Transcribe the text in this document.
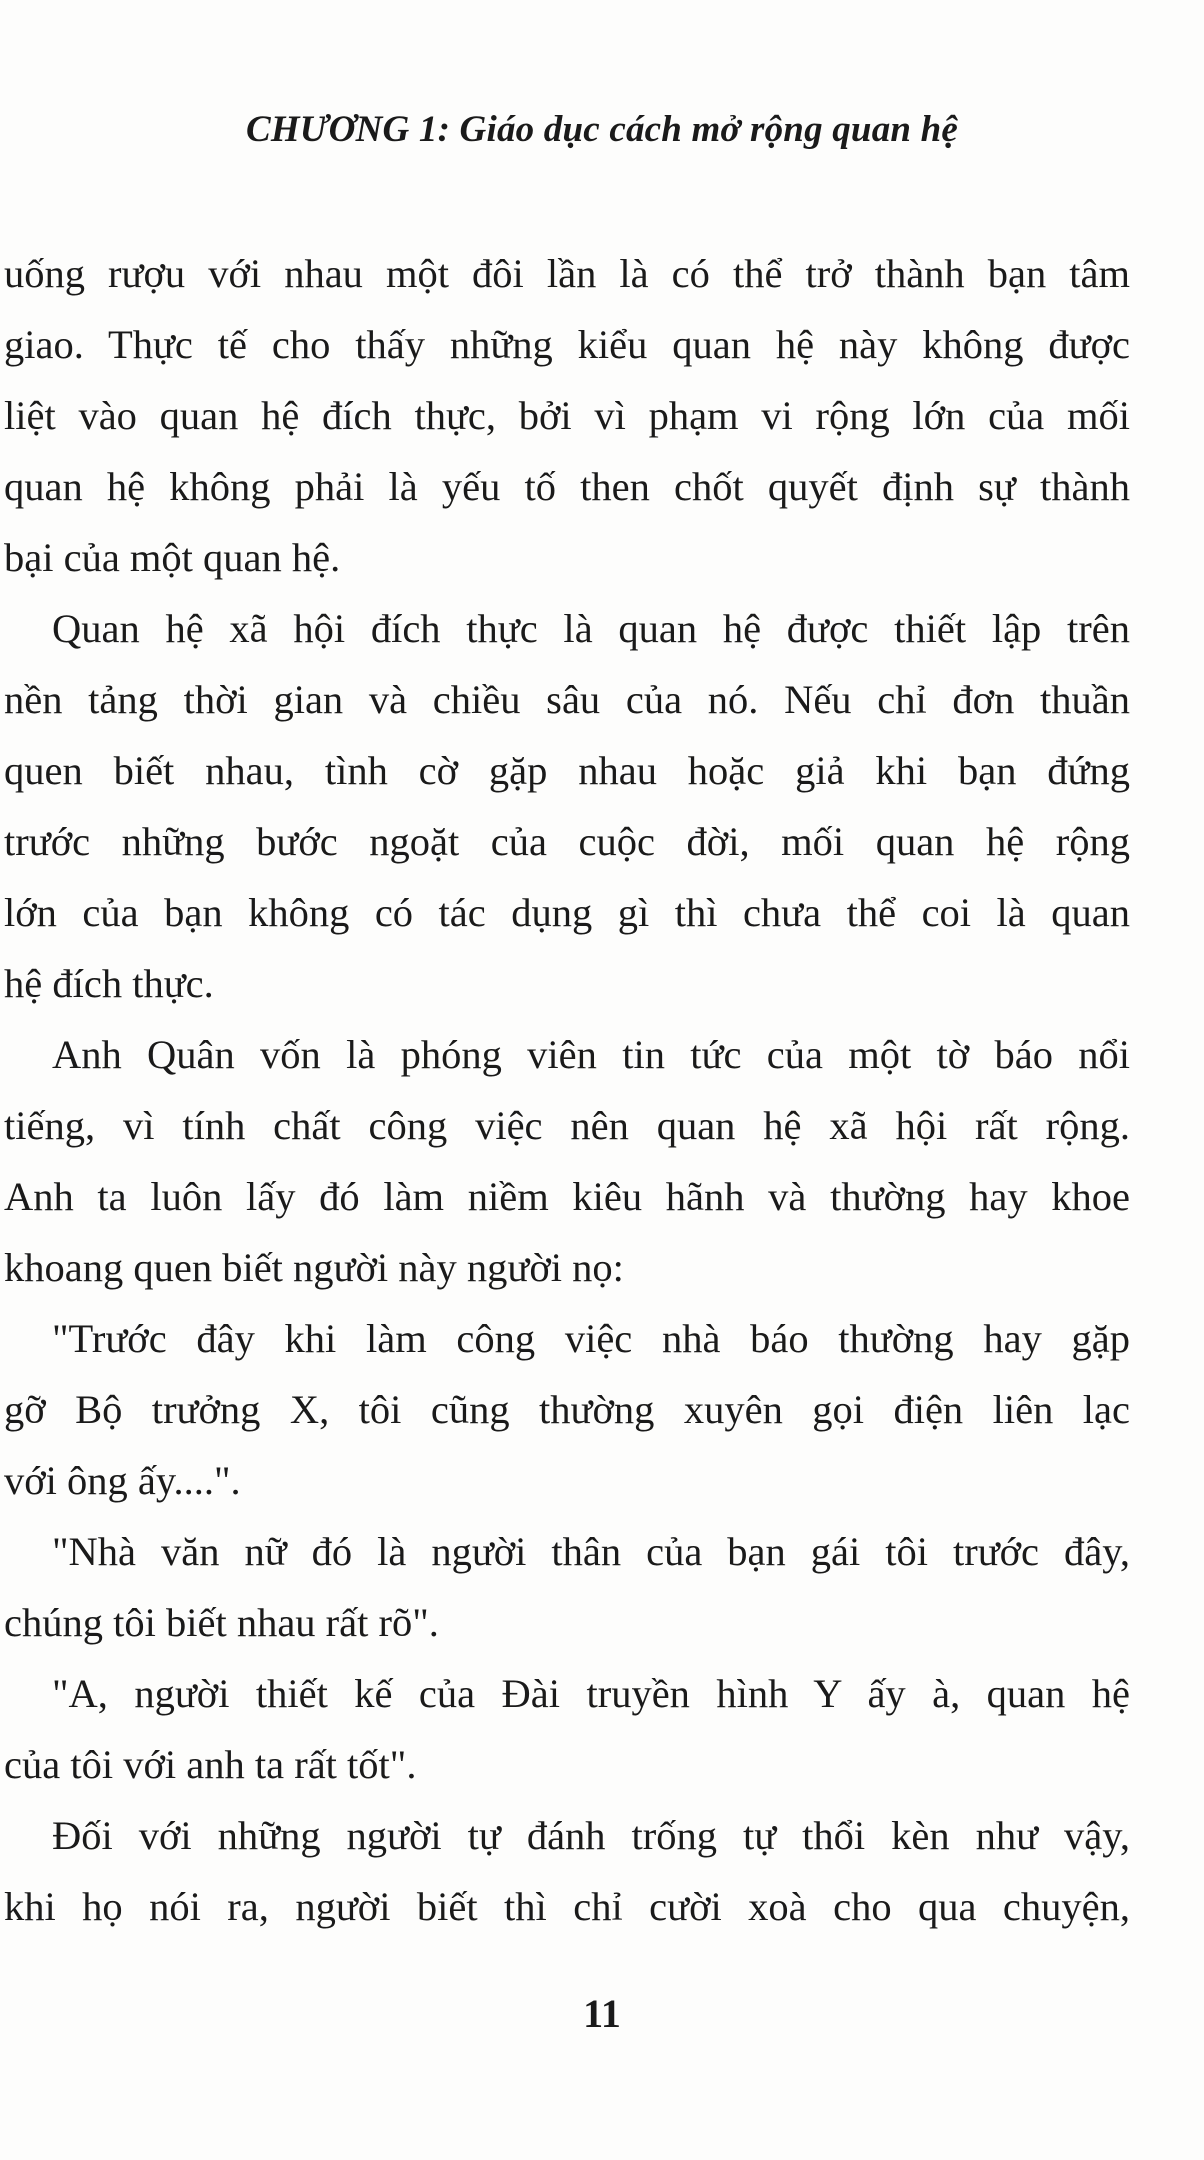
CHƯƠNG 1: Giáo dục cách mở rộng quan hệ
uống rượu với nhau một đôi lần là có thể trở thành bạn tâm
giao. Thực tế cho thấy những kiểu quan hệ này không được
liệt vào quan hệ đích thực, bởi vì phạm vi rộng lớn của mối
quan hệ không phải là yếu tố then chốt quyết định sự thành
bại của một quan hệ.
Quan hệ xã hội đích thực là quan hệ được thiết lập trên
nền tảng thời gian và chiều sâu của nó. Nếu chỉ đơn thuần
quen biết nhau, tình cờ gặp nhau hoặc giả khi bạn đứng
trước những bước ngoặt của cuộc đời, mối quan hệ rộng
lớn của bạn không có tác dụng gì thì chưa thể coi là quan
hệ đích thực.
Anh Quân vốn là phóng viên tin tức của một tờ báo nổi
tiếng, vì tính chất công việc nên quan hệ xã hội rất rộng.
Anh ta luôn lấy đó làm niềm kiêu hãnh và thường hay khoe
khoang quen biết người này người nọ:
"Trước đây khi làm công việc nhà báo thường hay gặp
gỡ Bộ trưởng X, tôi cũng thường xuyên gọi điện liên lạc
với ông ấy....".
"Nhà văn nữ đó là người thân của bạn gái tôi trước đây,
chúng tôi biết nhau rất rõ".
"A, người thiết kế của Đài truyền hình Y ấy à, quan hệ
của tôi với anh ta rất tốt".
Đối với những người tự đánh trống tự thổi kèn như vậy,
khi họ nói ra, người biết thì chỉ cười xoà cho qua chuyện,
11
